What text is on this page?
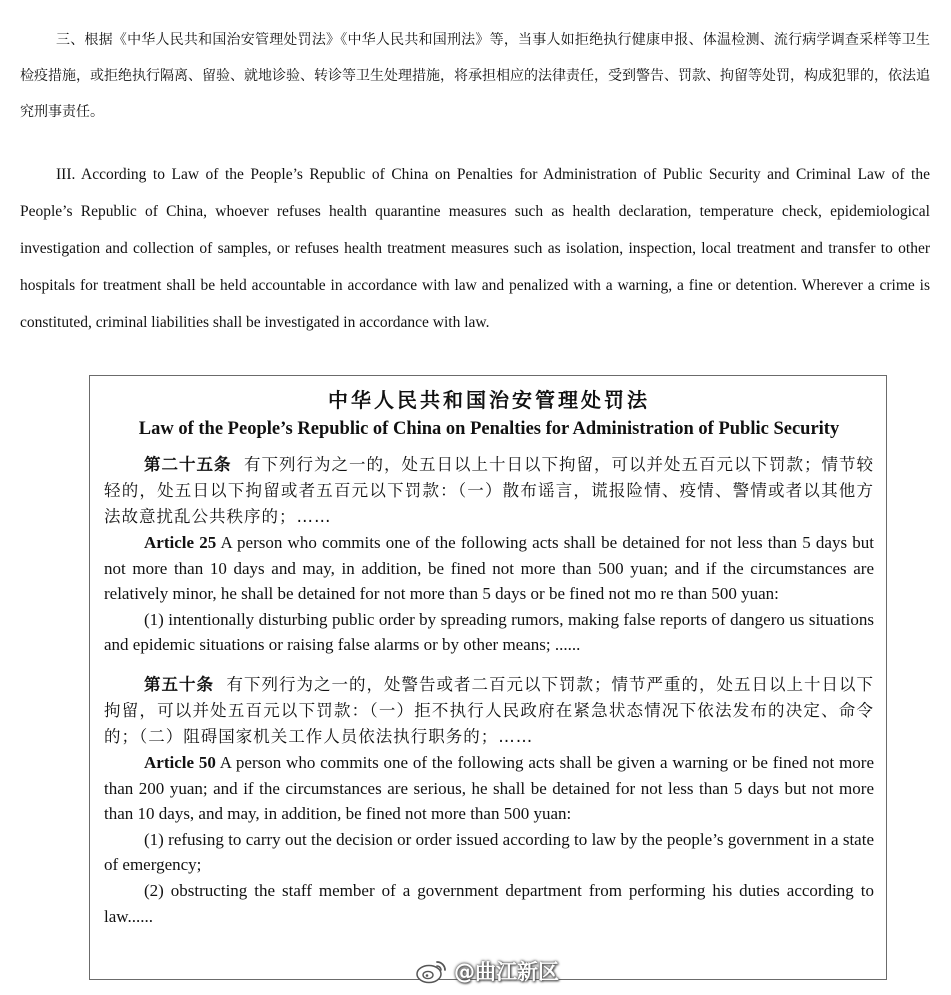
三、根据《中华人民共和国治安管理处罚法》《中华人民共和国刑法》等，当事人如拒绝执行健康申报、体温检测、流行病学调查采样等卫生检疫措施，或拒绝执行隔离、留验、就地诊验、转诊等卫生处理措施，将承担相应的法律责任，受到警告、罚款、拘留等处罚，构成犯罪的，依法追究刑事责任。

III. According to Law of the People’s Republic of China on Penalties for Administration of Public Security and Criminal Law of the People’s Republic of China, whoever refuses health quarantine measures such as health declaration, temperature check, epidemiological investigation and collection of samples, or refuses health treatment measures such as isolation, inspection, local treatment and transfer to other hospitals for treatment shall be held accountable in accordance with law and penalized with a warning, a fine or detention. Wherever a crime is constituted, criminal liabilities shall be investigated in accordance with law.

中华人民共和国治安管理处罚法
Law of the People’s Republic of China on Penalties for Administration of Public Security

第二十五条 有下列行为之一的，处五日以上十日以下拘留，可以并处五百元以下罚款；情节较轻的，处五日以下拘留或者五百元以下罚款：（一）散布谣言，谎报险情、疫情、警情或者以其他方法故意扰乱公共秩序的；……

Article 25 A person who commits one of the following acts shall be detained for not less than 5 days but not more than 10 days and may, in addition, be fined not more than 500 yuan; and if the circumstances are relatively minor, he shall be detained for not more than 5 days or be fined not mo re than 500 yuan:

(1) intentionally disturbing public order by spreading rumors, making false reports of dangero us situations and epidemic situations or raising false alarms or by other means; ......

第五十条 有下列行为之一的，处警告或者二百元以下罚款；情节严重的，处五日以上十日以下拘留，可以并处五百元以下罚款：（一）拒不执行人民政府在紧急状态情况下依法发布的决定、命令的；（二）阻碍国家机关工作人员依法执行职务的；……

Article 50 A person who commits one of the following acts shall be given a warning or be fined not more than 200 yuan; and if the circumstances are serious, he shall be detained for not less than 5 days but not more than 10 days, and may, in addition, be fined not more than 500 yuan:

(1) refusing to carry out the decision or order issued according to law by the people’s government in a state of emergency;

(2) obstructing the staff member of a government department from performing his duties according to law......

@曲江新区
